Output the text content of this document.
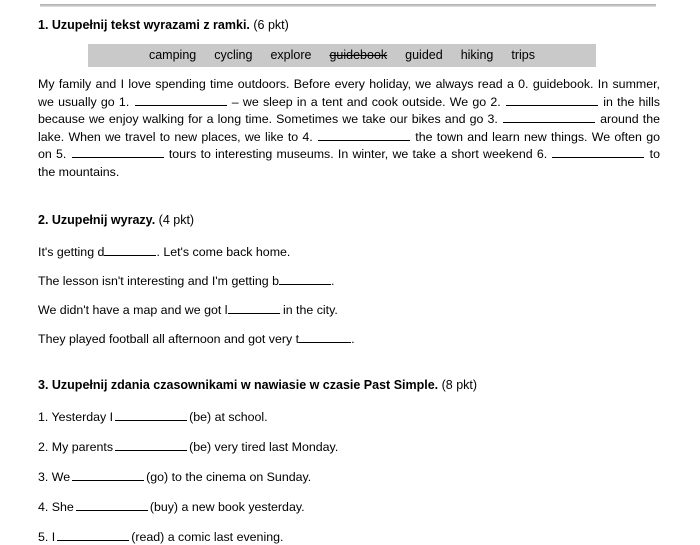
1. Uzupełnij tekst wyrazami z ramki. (6 pkt)

camping cycling explore guidebook guided hiking trips

My family and I love spending time outdoors. Before every holiday, we always read a 0. guidebook. In summer, we usually go 1.	– we sleep in a tent and cook outside. We go 2.	in the hills because we enjoy walking for a long time. Sometimes we take our bikes and go 3.	around the lake. When we travel to new places, we like to 4.	the town and learn new things. We often go on 5.	tours to interesting museums. In winter, we take a short weekend 6.	to the mountains.

2. Uzupełnij wyrazy. (4 pkt)

It's getting d	. Let's come back home.
The lesson isn't interesting and I'm getting b	.
We didn't have a map and we got l	in the city.
They played football all afternoon and got very t	.

3. Uzupełnij zdania czasownikami w nawiasie w czasie Past Simple. (8 pkt)

1. Yesterday I	(be) at school.
2. My parents	(be) very tired last Monday.
3. We	(go) to the cinema on Sunday.
4. She	(buy) a new book yesterday.
5. I	(read) a comic last evening.
